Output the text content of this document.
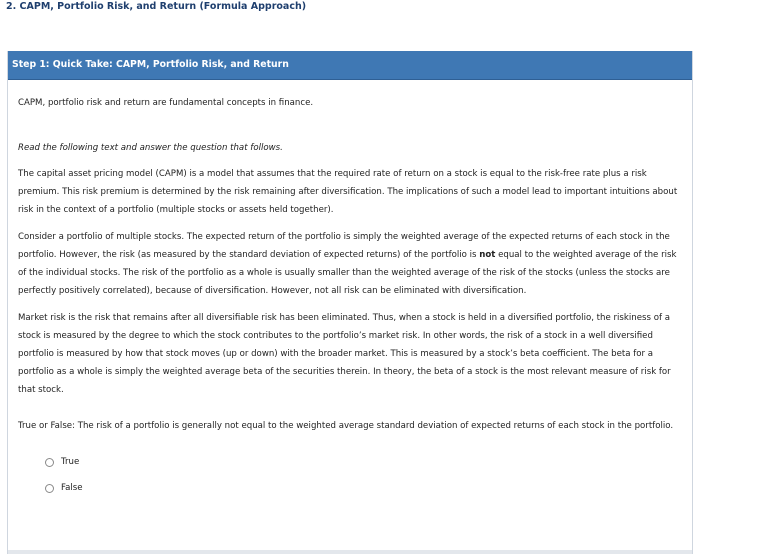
2. CAPM, Portfolio Risk, and Return (Formula Approach)
Step 1: Quick Take: CAPM, Portfolio Risk, and Return

CAPM, portfolio risk and return are fundamental concepts in finance.

Read the following text and answer the question that follows.

The capital asset pricing model (CAPM) is a model that assumes that the required rate of return on a stock is equal to the risk-free rate plus a risk premium. This risk premium is determined by the risk remaining after diversification. The implications of such a model lead to important intuitions about risk in the context of a portfolio (multiple stocks or assets held together).

Consider a portfolio of multiple stocks. The expected return of the portfolio is simply the weighted average of the expected returns of each stock in the portfolio. However, the risk (as measured by the standard deviation of expected returns) of the portfolio is not equal to the weighted average of the risk of the individual stocks. The risk of the portfolio as a whole is usually smaller than the weighted average of the risk of the stocks (unless the stocks are perfectly positively correlated), because of diversification. However, not all risk can be eliminated with diversification.

Market risk is the risk that remains after all diversifiable risk has been eliminated. Thus, when a stock is held in a diversified portfolio, the riskiness of a stock is measured by the degree to which the stock contributes to the portfolio’s market risk. In other words, the risk of a stock in a well diversified portfolio is measured by how that stock moves (up or down) with the broader market. This is measured by a stock’s beta coefficient. The beta for a portfolio as a whole is simply the weighted average beta of the securities therein. In theory, the beta of a stock is the most relevant measure of risk for that stock.

True or False: The risk of a portfolio is generally not equal to the weighted average standard deviation of expected returns of each stock in the portfolio.

True
False
